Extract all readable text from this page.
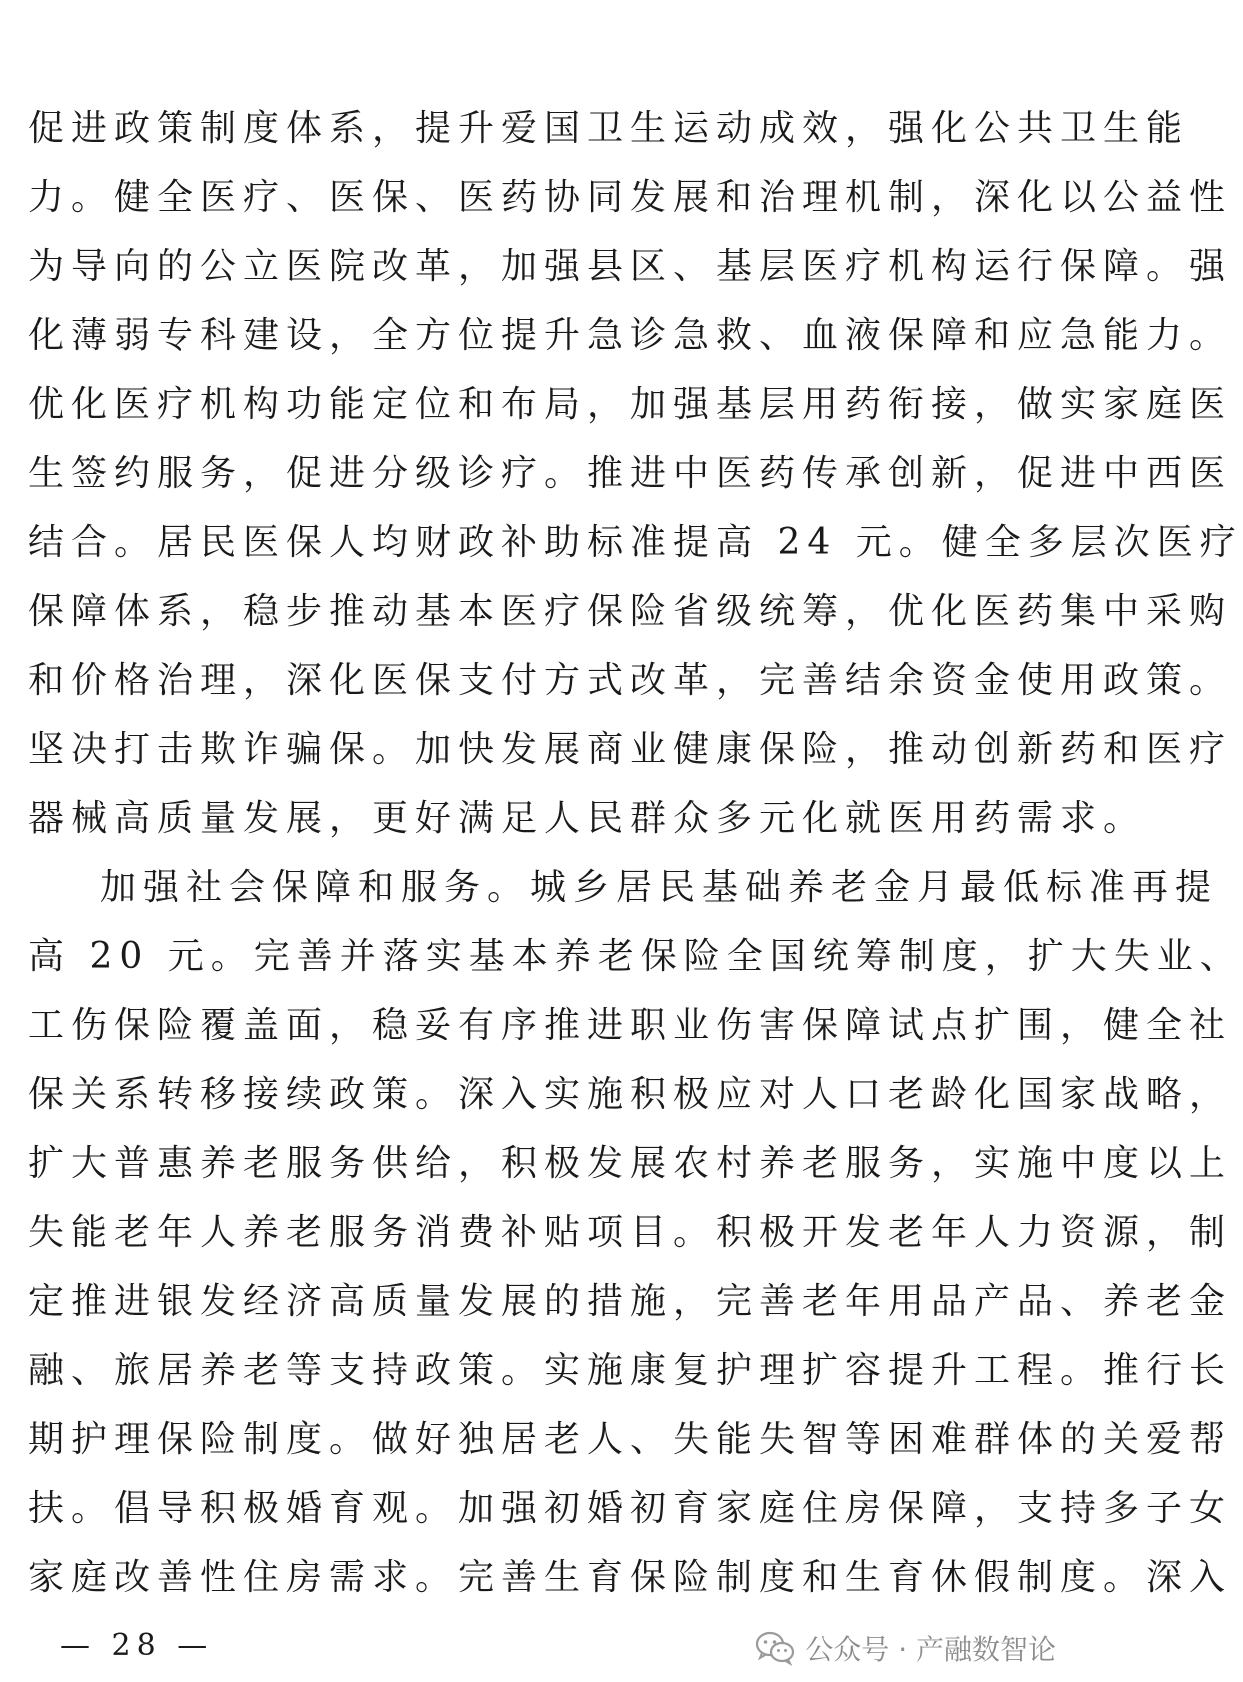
促进政策制度体系，提升爱国卫生运动成效，强化公共卫生能
力。健全医疗、医保、医药协同发展和治理机制，深化以公益性
为导向的公立医院改革，加强县区、基层医疗机构运行保障。强
化薄弱专科建设，全方位提升急诊急救、血液保障和应急能力。
优化医疗机构功能定位和布局，加强基层用药衔接，做实家庭医
生签约服务，促进分级诊疗。推进中医药传承创新，促进中西医
结合。居民医保人均财政补助标准提高 24 元。健全多层次医疗
保障体系，稳步推动基本医疗保险省级统筹，优化医药集中采购
和价格治理，深化医保支付方式改革，完善结余资金使用政策。
坚决打击欺诈骗保。加快发展商业健康保险，推动创新药和医疗
器械高质量发展，更好满足人民群众多元化就医用药需求。
加强社会保障和服务。城乡居民基础养老金月最低标准再提
高 20 元。完善并落实基本养老保险全国统筹制度，扩大失业、
工伤保险覆盖面，稳妥有序推进职业伤害保障试点扩围，健全社
保关系转移接续政策。深入实施积极应对人口老龄化国家战略，
扩大普惠养老服务供给，积极发展农村养老服务，实施中度以上
失能老年人养老服务消费补贴项目。积极开发老年人力资源，制
定推进银发经济高质量发展的措施，完善老年用品产品、养老金
融、旅居养老等支持政策。实施康复护理扩容提升工程。推行长
期护理保险制度。做好独居老人、失能失智等困难群体的关爱帮
扶。倡导积极婚育观。加强初婚初育家庭住房保障，支持多子女
家庭改善性住房需求。完善生育保险制度和生育休假制度。深入
— 28 —	公众号 · 产融数智论
